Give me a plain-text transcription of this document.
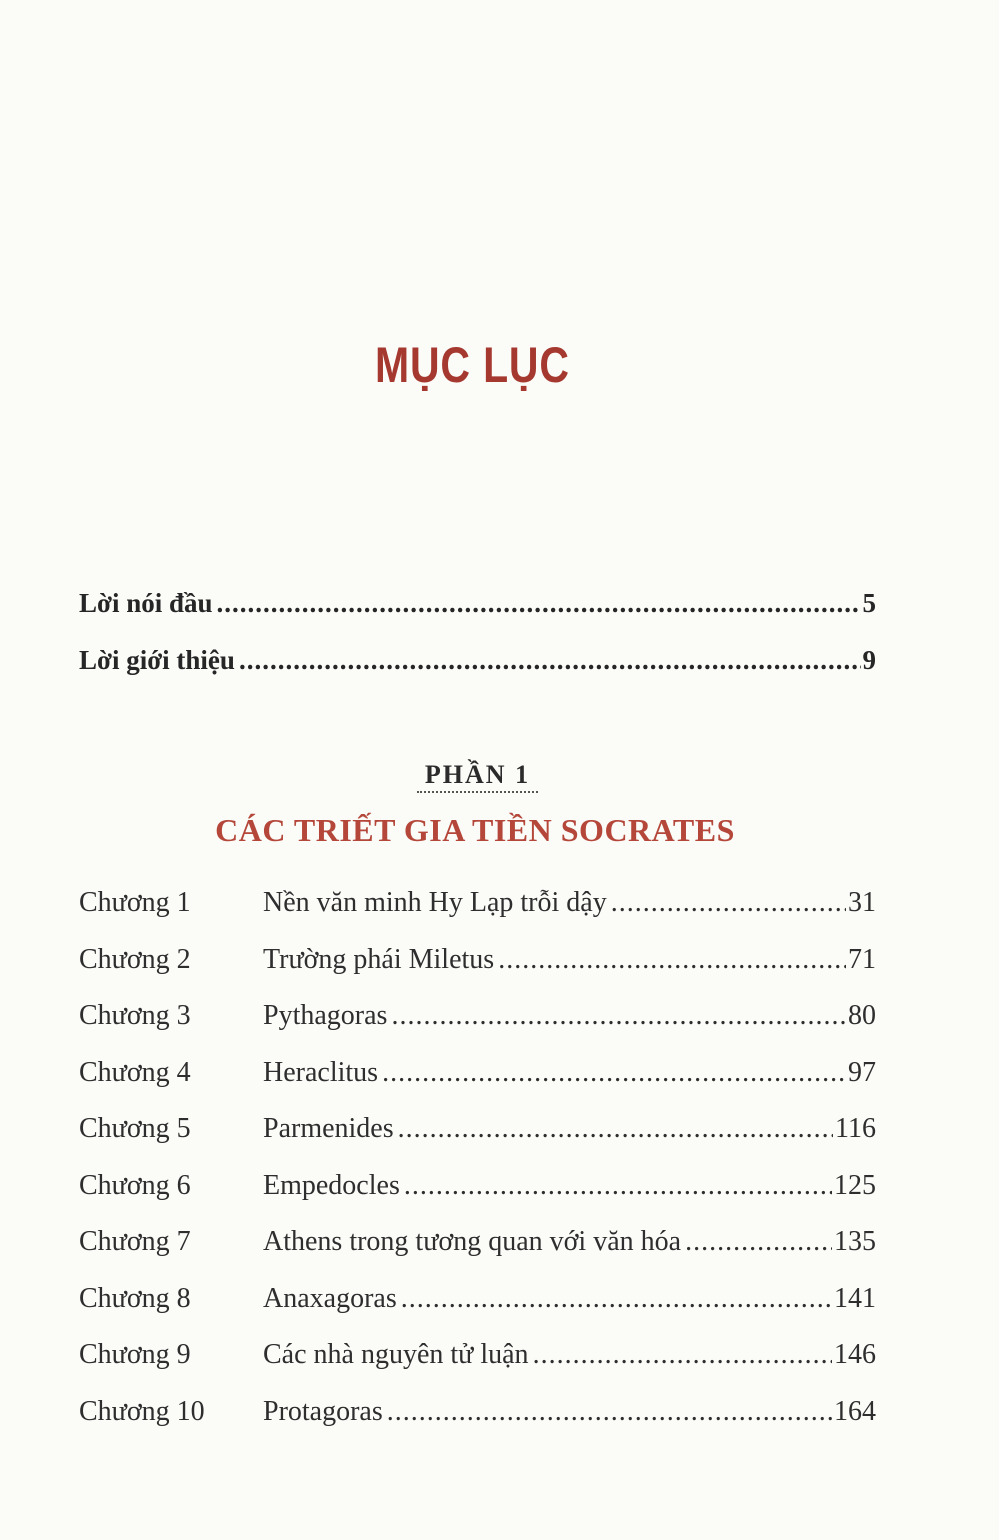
MỤC LỤC
Lời nói đầu .....	5
Lời giới thiệu .....	9
PHẦN 1
CÁC TRIẾT GIA TIỀN SOCRATES
Chương 1	Nền văn minh Hy Lạp trỗi dậy .....	31
Chương 2	Trường phái Miletus .....	71
Chương 3	Pythagoras .....	80
Chương 4	Heraclitus .....	97
Chương 5	Parmenides .....	116
Chương 6	Empedocles .....	125
Chương 7	Athens trong tương quan với văn hóa .....	135
Chương 8	Anaxagoras .....	141
Chương 9	Các nhà nguyên tử luận .....	146
Chương 10	Protagoras .....	164
